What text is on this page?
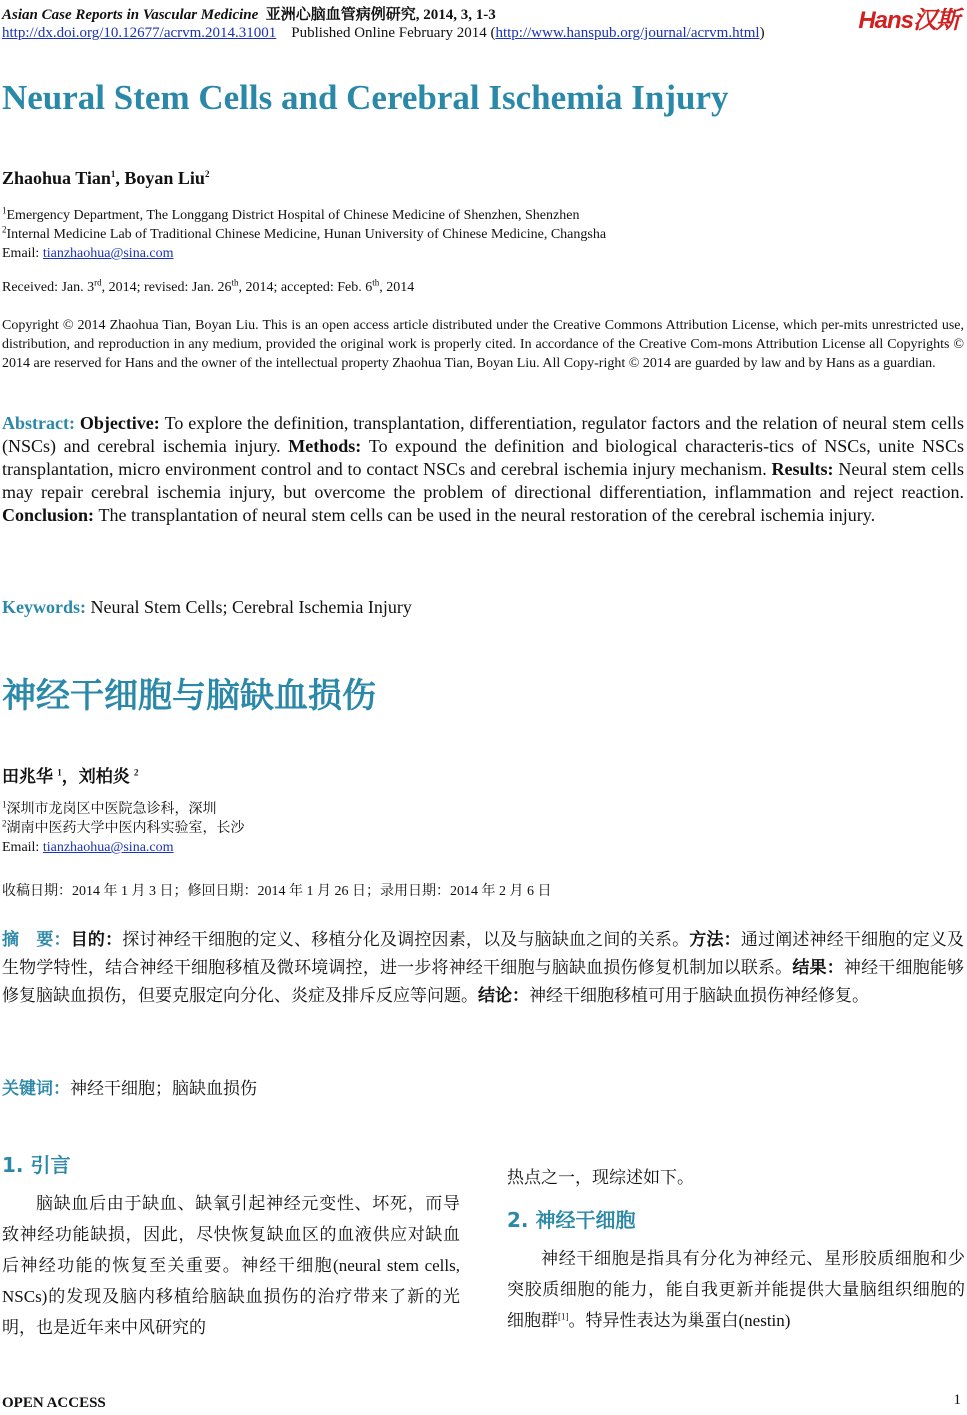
Asian Case Reports in Vascular Medicine 亚洲心脑血管病例研究, 2014, 3, 1-3	Hans汉斯
http://dx.doi.org/10.12677/acrvm.2014.31001 Published Online February 2014 (http://www.hanspub.org/journal/acrvm.html)
Neural Stem Cells and Cerebral Ischemia Injury
Zhaohua Tian$^1$, Boyan Liu$^2$
$^1$Emergency Department, The Longgang District Hospital of Chinese Medicine of Shenzhen, Shenzhen
$^2$Internal Medicine Lab of Traditional Chinese Medicine, Hunan University of Chinese Medicine, Changsha
Email: tianzhaohua@sina.com
Received: Jan. 3rd, 2014; revised: Jan. 26th, 2014; accepted: Feb. 6th, 2014
Copyright © 2014 Zhaohua Tian, Boyan Liu. This is an open access article distributed under the Creative Commons Attribution License, which per-mits unrestricted use, distribution, and reproduction in any medium, provided the original work is properly cited. In accordance of the Creative Com-mons Attribution License all Copyrights © 2014 are reserved for Hans and the owner of the intellectual property Zhaohua Tian, Boyan Liu. All Copy-right © 2014 are guarded by law and by Hans as a guardian.
Abstract: Objective: To explore the definition, transplantation, differentiation, regulator factors and the relation of neural stem cells (NSCs) and cerebral ischemia injury. Methods: To expound the definition and biological characteris-tics of NSCs, unite NSCs transplantation, micro environment control and to contact NSCs and cerebral ischemia injury mechanism. Results: Neural stem cells may repair cerebral ischemia injury, but overcome the problem of directional differentiation, inflammation and reject reaction. Conclusion: The transplantation of neural stem cells can be used in the neural restoration of the cerebral ischemia injury.
Keywords: Neural Stem Cells; Cerebral Ischemia Injury
神经干细胞与脑缺血损伤
田兆华 $^1$，刘柏炎 $^2$
$^1$深圳市龙岗区中医院急诊科，深圳
$^2$湖南中医药大学中医内科实验室，长沙
Email: tianzhaohua@sina.com
收稿日期：2014 年 1 月 3 日；修回日期：2014 年 1 月 26 日；录用日期：2014 年 2 月 6 日
摘　要：目的：探讨神经干细胞的定义、移植分化及调控因素，以及与脑缺血之间的关系。方法：通过阐述神经干细胞的定义及生物学特性，结合神经干细胞移植及微环境调控，进一步将神经干细胞与脑缺血损伤修复机制加以联系。结果：神经干细胞能够修复脑缺血损伤，但要克服定向分化、炎症及排斥反应等问题。结论：神经干细胞移植可用于脑缺血损伤神经修复。
关键词：神经干细胞；脑缺血损伤

1. 引言

脑缺血后由于缺血、缺氧引起神经元变性、坏死，而导致神经功能缺损，因此，尽快恢复缺血区的血液供应对缺血后神经功能的恢复至关重要。神经干细胞(neural stem cells, NSCs)的发现及脑内移植给脑缺血损伤的治疗带来了新的光明，也是近年来中风研究的

热点之一，现综述如下。

2. 神经干细胞

神经干细胞是指具有分化为神经元、星形胶质细胞和少突胶质细胞的能力，能自我更新并能提供大量脑组织细胞的细胞群[1]。特异性表达为巢蛋白(nestin)

OPEN ACCESS	1
